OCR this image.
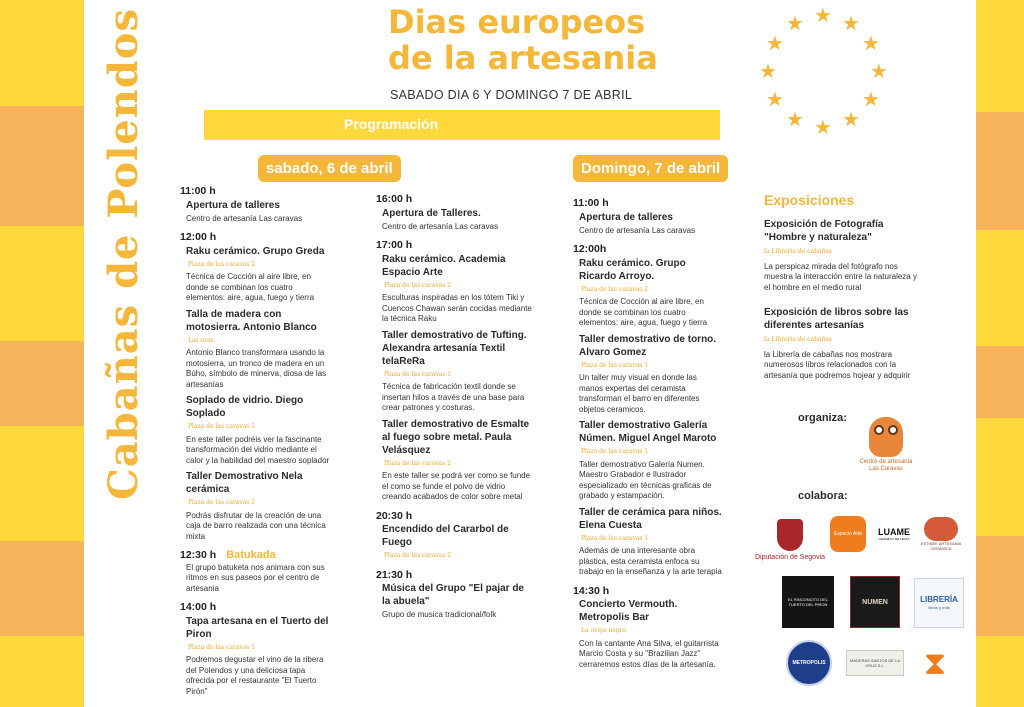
Cabañas de Polendos	Dias europeos
de la artesania
SABADO DIA 6 Y DOMINGO 7 DE ABRIL
Programación
★ ★
★
★
★
★
★
★
★
★
★
★
sabado, 6 de abril	Domingo, 7 de abril
11:00 h
Apertura de talleres
Centro de artesanía Las caravas
12:00 h
Raku cerámico. Grupo Greda
Plaza de las caravas 2
Técnica de Cocción al aire libre, en donde se combinan los cuatro elementos: aire, agua, fuego y tierra
Talla de madera con motosierra. Antonio Blanco
Las eras
Antonio Blanco transformara usando la motosierra, un tronco de madera en un Búho, símbolo de minerva, diosa de las artesanías
Soplado de vidrio. Diego Soplado
Plaza de las caravas 1
En este taller podréis ver la fascinante transformación del vidrio mediante el calor y la habilidad del maestro soplador
Taller Demostrativo Nela cerámica
Plaza de las caravas 2
Podrás disfrutar de la creación de una caja de barro realizada con una técnica mixta
12:30 h Batukada
El grupo batuketa nos animara con sus ritmos en sus paseos por el centro de artesania
14:00 h
Tapa artesana en el Tuerto del Piron
Plaza de las caravas 1
Podremos degustar el vino de la ribera del Polendos y una deliciosa tapa ofrecida por el restaurante "El Tuerto Pirón"
16:00 h
Apertura de Talleres.
Centro de artesanía Las caravas
17:00 h
Raku cerámico. Academia Espacio Arte
Plaza de las caravas 2
Esculturas inspiradas en los tótem Tiki y Cuencos Chawan serán cocidas mediante la técnica Raku
Taller demostrativo de Tufting. Alexandra artesanía Textil telaReRa
Plaza de las caravas 1
Técnica de fabricación textil donde se insertan hilos a través de una base para crear patrones y costuras.
Taller demostrativo de Esmalte al fuego sobre metal. Paula Velásquez
Plaza de las caravas 2
En este taller se podrá ver como se funde el como se funde el polvo de vidrio creando acabados de color sobre metal
20:30 h
Encendido del Cararbol de Fuego
Plaza de las caravas 2
21:30 h
Música del Grupo "El pajar de la abuela"
Grupo de musica tradicional/folk
11:00 h
Apertura de talleres
Centro de artesanía Las caravas
12:00h
Raku cerámico. Grupo Ricardo Arroyo.
Plaza de las caravas 2
Técnica de Cocción al aire libre, en donde se combinan los cuatro elementos: aire, agua, fuego y tierra
Taller demostrativo de torno. Alvaro Gomez
Plaza de las caravas 1
Un taller muy visual en donde las manos expertas del ceramista transforman el barro en diferentes objetos ceramicos.
Taller demostrativo Galería Númen. Miguel Angel Maroto
Plaza de las caravas 1
Taller demostrativo Galería Numen. Maestro Grabador e Ilustrador especializado en técnicas graficas de grabado y estampación.
Taller de cerámica para niños. Elena Cuesta
Plaza de las caravas 1
Además de una interesante obra plástica, esta ceramista enfoca su trabajo en la enseñanza y la arte terapia
14:30 h
Concierto Vermouth. Metropolis Bar
La oveja negra
Con la cantante Ana Silva, el guitarrista Marcio Costa y su "Brazilian Jazz" cerraremos estos días de la artesanía.
Exposiciones
Exposición de Fotografía "Hombre y naturaleza"
la Libreria de cabañas
La perspicaz mirada del fotógrafo nos muestra la interacción entre la naturaleza y el hombre en el medio rural
Exposición de libros sobre las diferentes artesanías
la Libreria de cabañas
la Librería de cabañas nos mostrara numerosos libros relacionados con la artesanía que podremos hojear y adquirir
organiza:
Centro de artesanía Las Caravas
colabora:
Diputación de Segovia
Espacio Arte LUAME
CERÁMICA DE TECTA
ESTINEE ARTESANIA CERÁMICA
EL RINCONCITO DEL TUERTO DEL PIRON	NUMEN	LIBRERÍA
libros y más
METROPOLIS	MADERAS SANTOS DE LA CRUZ S.L.	⧗
